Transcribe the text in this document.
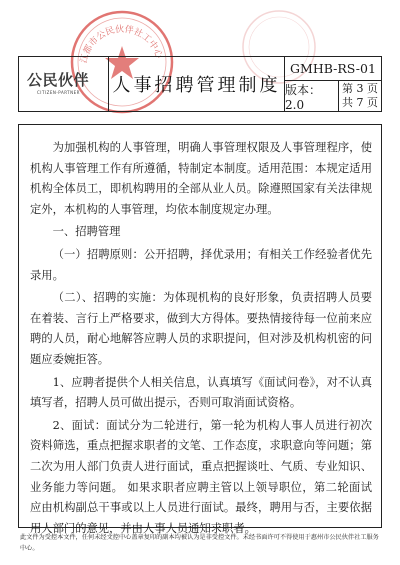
江都市公民伙伴社工中心
公民伙伴
CITIZEN-PARTNER 人事招聘管理制度
GMHB-RS-01
版本：2.0
第 3 页
共 7 页

为加强机构的人事管理，明确人事管理权限及人事管理程序，使机构人事管理工作有所遵循，特制定本制度。适用范围：本规定适用机构全体员工，即机构聘用的全部从业人员。除遵照国家有关法律规定外，本机构的人事管理，均依本制度规定办理。

一、招聘管理

（一）招聘原则：公开招聘，择优录用；有相关工作经验者优先录用。

（二）、招聘的实施：为体现机构的良好形象，负责招聘人员要在着装、言行上严格要求，做到大方得体。要热情接待每一位前来应聘的人员，耐心地解答应聘人员的求职提问，但对涉及机构机密的问题应委婉拒答。

1、应聘者提供个人相关信息，认真填写《面试问卷》，对不认真填写者，招聘人员可做出提示，否则可取消面试资格。

2、面试：面试分为二轮进行，第一轮为机构人事人员进行初次资料筛选，重点把握求职者的文笔、工作态度，求职意向等问题；第二次为用人部门负责人进行面试，重点把握谈吐、气质、专业知识、业务能力等问题。 如果求职者应聘主管以上领导职位，第二轮面试应由机构副总干事或以上人员进行面试。最终，聘用与否，主要依据用人部门的意见，并由人事人员通知求职者。

此文件为受控本文件，任何未经文控中心盖章复印的副本均被认为是非受控文件。未经书面许可不得使用于惠州市公民伙伴社工服务中心。
